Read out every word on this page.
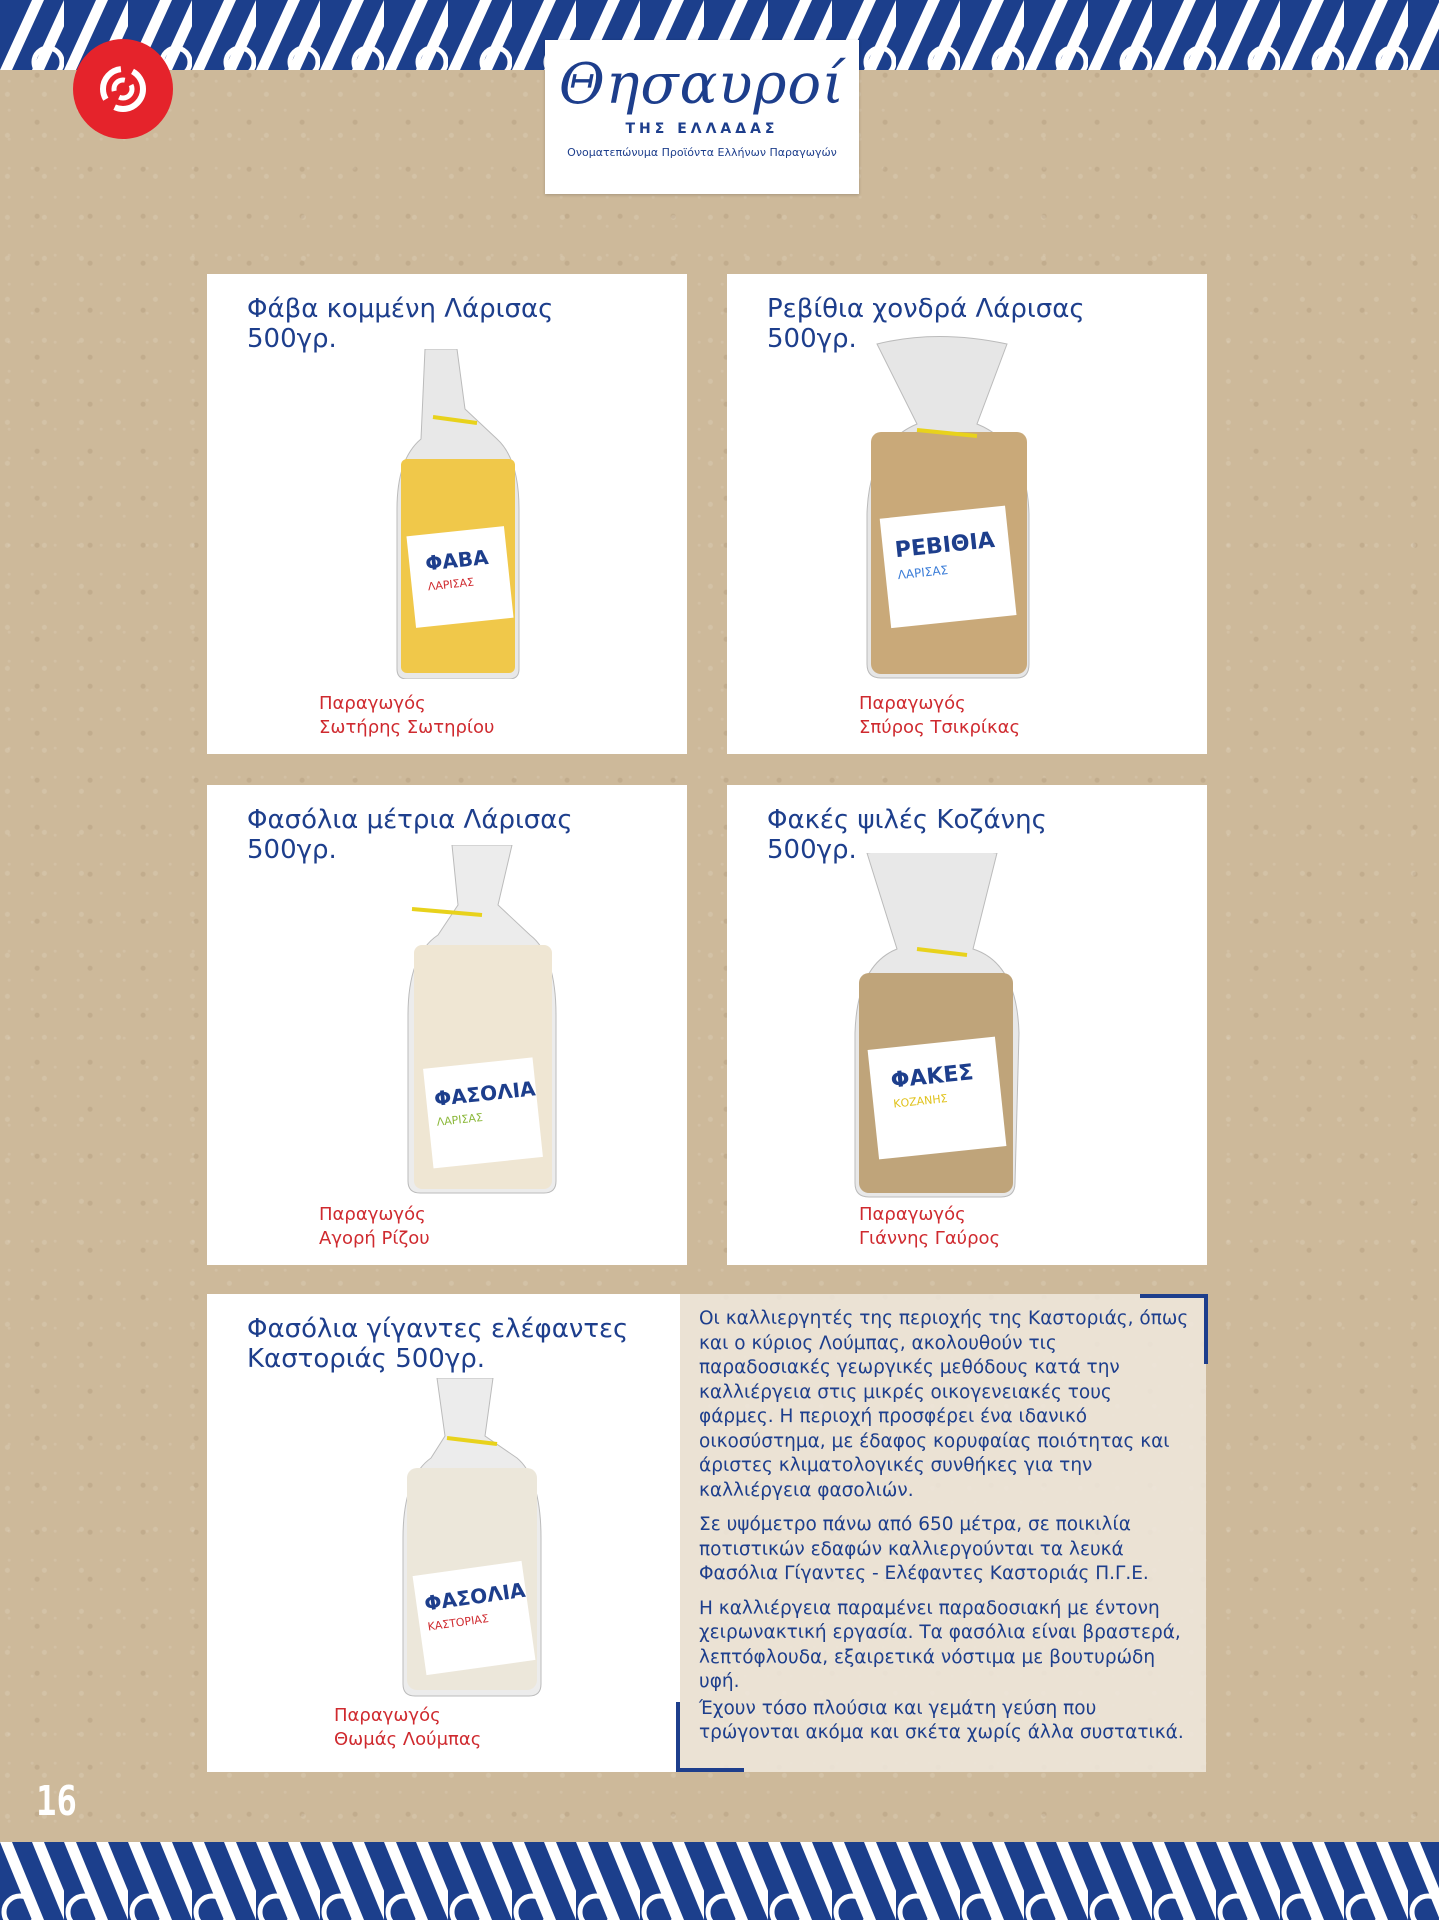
Θησαυροί
ΤΗΣ ΕΛΛΑΔΑΣ
Ονοματεπώνυμα Προϊόντα Ελλήνων Παραγωγών
Φάβα κομμένη Λάρισας
500γρ.
ΦΑΒΑ
ΛΑΡΙΣΑΣ
Παραγωγός
Σωτήρης Σωτηρίου
Ρεβίθια χονδρά Λάρισας
500γρ.
ΡΕΒΙΘΙΑ
ΛΑΡΙΣΑΣ
Παραγωγός
Σπύρος Τσικρίκας
Φασόλια μέτρια Λάρισας
500γρ.
ΦΑΣΟΛΙΑ
ΛΑΡΙΣΑΣ
Παραγωγός
Αγορή Ρίζου
Φακές ψιλές Κοζάνης
500γρ.
ΦΑΚΕΣ
ΚΟΖΑΝΗΣ
Παραγωγός
Γιάννης Γαύρος
Φασόλια γίγαντες ελέφαντες
Καστοριάς 500γρ.
ΦΑΣΟΛΙΑ
ΚΑΣΤΟΡΙΑΣ
Παραγωγός
Θωμάς Λούμπας

Οι καλλιεργητές της περιοχής της Καστοριάς, όπως και ο κύριος Λούμπας, ακολουθούν τις παραδοσιακές γεωργικές μεθόδους κατά την καλλιέργεια στις μικρές οικογενειακές τους φάρμες. Η περιοχή προσφέρει ένα ιδανικό οικοσύστημα, με έδαφος κορυφαίας ποιότητας και άριστες κλιματολογικές συνθήκες για την καλλιέργεια φασολιών.

Σε υψόμετρο πάνω από 650 μέτρα, σε ποικιλία ποτιστικών εδαφών καλλιεργούνται τα λευκά Φασόλια Γίγαντες - Ελέφαντες Καστοριάς Π.Γ.Ε.

Η καλλιέργεια παραμένει παραδοσιακή με έντονη χειρωνακτική εργασία. Τα φασόλια είναι βραστερά, λεπτόφλουδα, εξαιρετικά νόστιμα με βουτυρώδη υφή.

Έχουν τόσο πλούσια και γεμάτη γεύση που τρώγονται ακόμα και σκέτα χωρίς άλλα συστατικά.

16
